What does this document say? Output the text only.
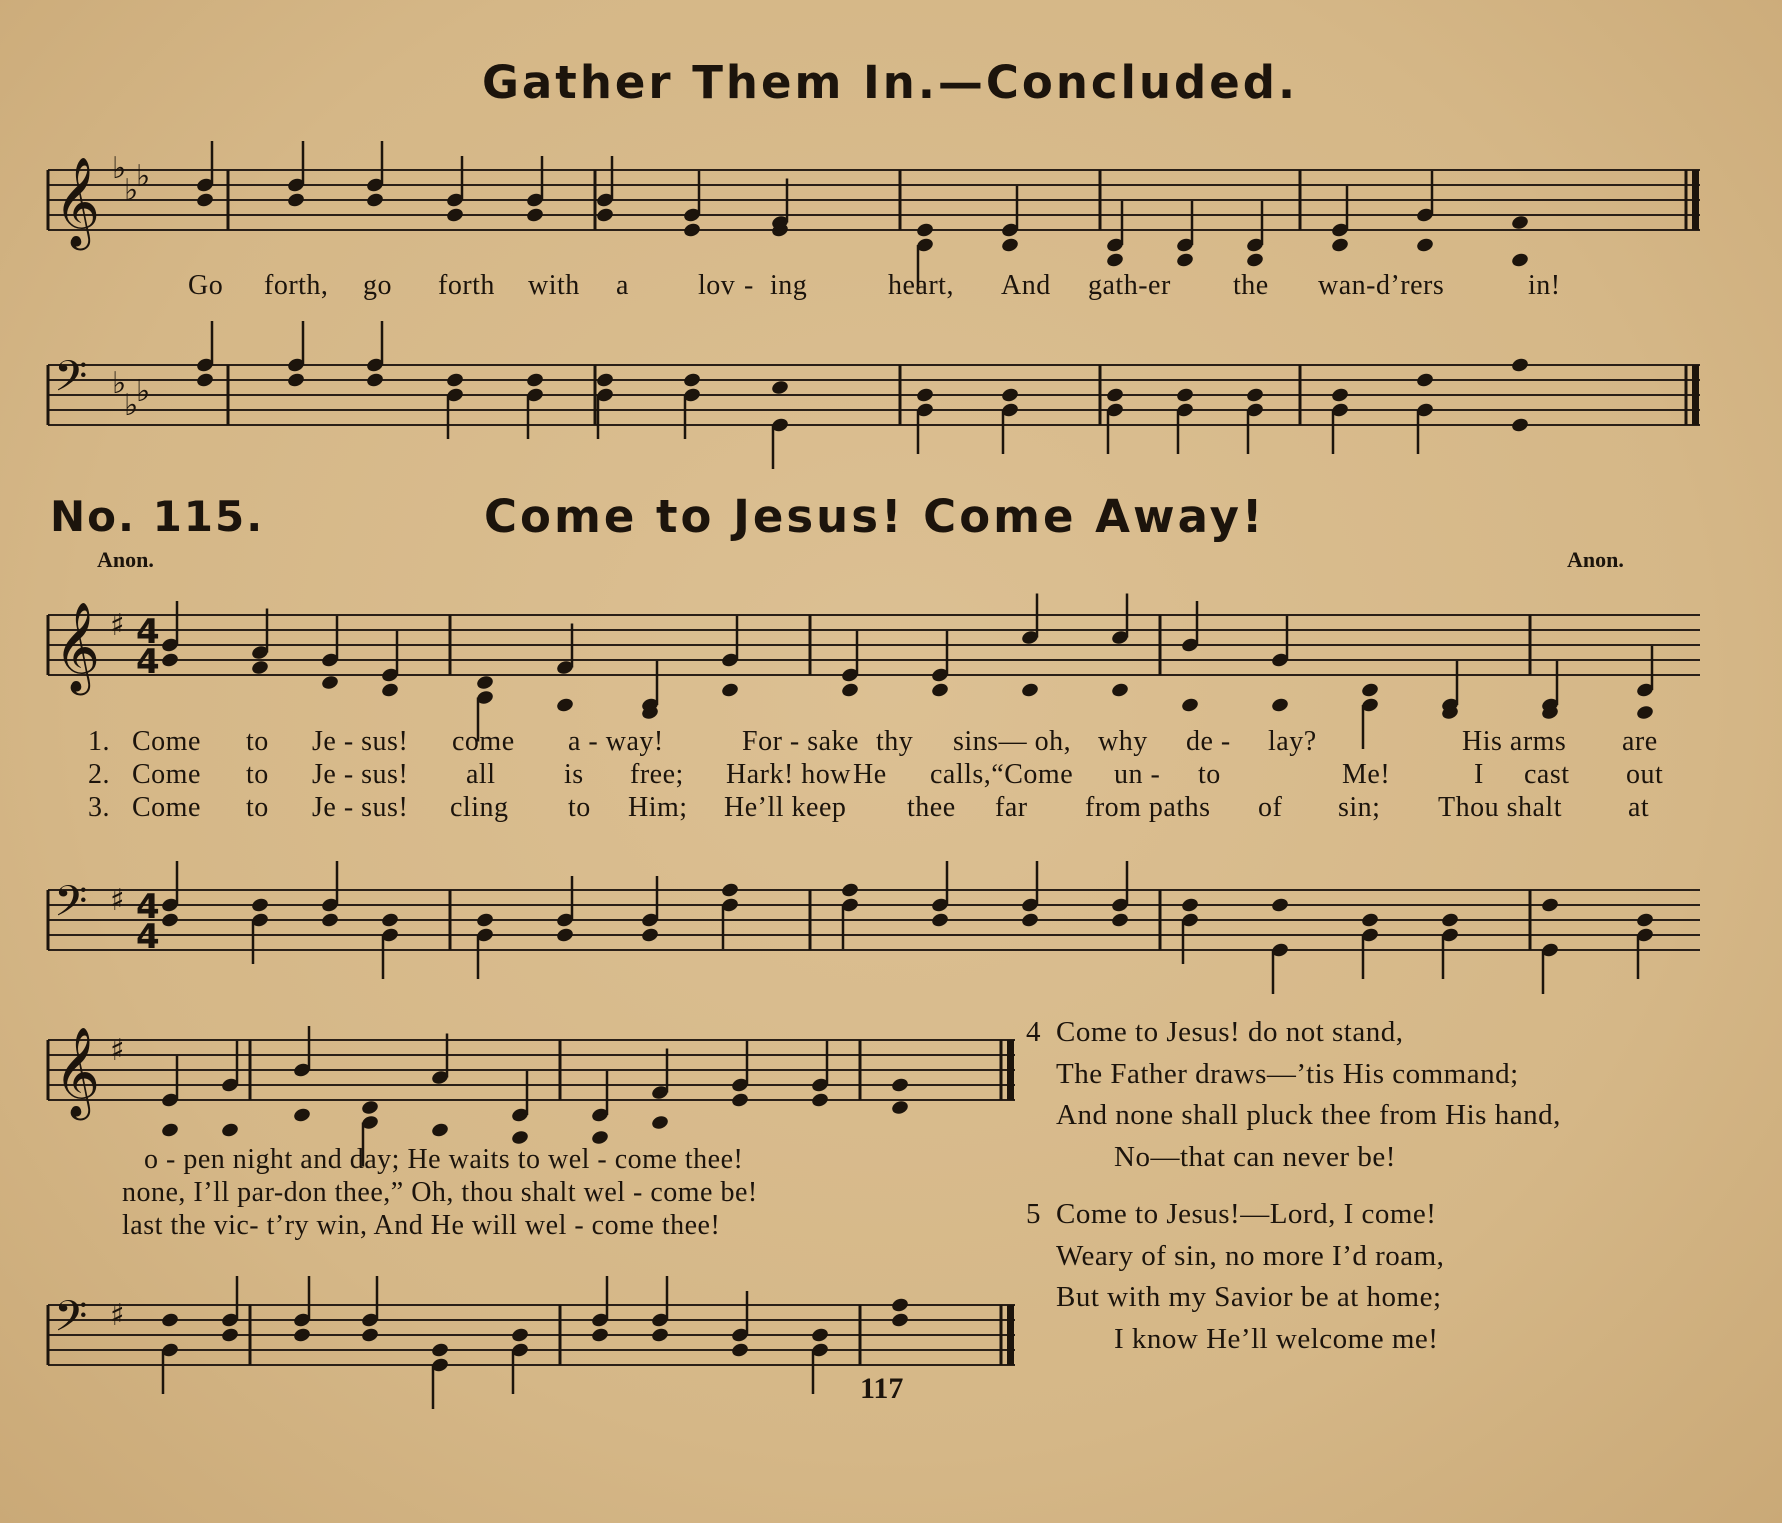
Gather Them In.—Concluded.
𝄞 ♭
♭
♭
Go forth, go forth with a lov - ing	heart, And gath-er the wan-d’rers	in!
𝄢 ♭
♭
♭
No. 115.	Come to Jesus! Come Away!
Anon.	Anon.
𝄞 ♯ 4
4
1. Come to Je - sus! come a - way!	For - sake thy sins— oh, why de - lay?	His arms are
2. Come to Je - sus! all is free; Hark! how He calls,“Come un - to	Me!	I cast out
3. Come to Je - sus! cling to Him; He’ll keep thee far from paths of sin; Thou shalt at
𝄢 ♯ 4
4
𝄞 ♯
o - pen night and day; He waits to wel - come thee!
none, I’ll par-don thee,” Oh, thou shalt wel - come be!
last the vic- t’ry win, And He will wel - come thee!
𝄢 ♯
4 Come to Jesus! do not stand,
The Father draws—’tis His command;
And none shall pluck thee from His hand,
No—that can never be!
5 Come to Jesus!—Lord, I come!
Weary of sin, no more I’d roam,
But with my Savior be at home;
I know He’ll welcome me!
117
